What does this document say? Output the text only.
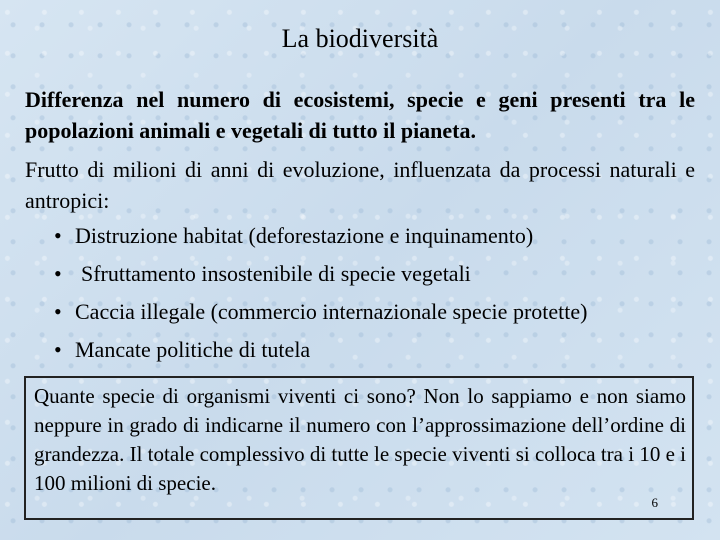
La biodiversità
Differenza nel numero di ecosistemi, specie e geni presenti tra le popolazioni animali e vegetali di tutto il pianeta.
Frutto di milioni di anni di evoluzione, influenzata da processi naturali e antropici:
• Distruzione habitat (deforestazione e inquinamento)
• Sfruttamento insostenibile di specie vegetali
• Caccia illegale (commercio internazionale specie protette)
• Mancate politiche di tutela
Quante specie di organismi viventi ci sono? Non lo sappiamo e non siamo neppure in grado di indicarne il numero con l’approssimazione dell’ordine di grandezza. Il totale complessivo di tutte le specie viventi si colloca tra i 10 e i 100 milioni di specie.
6
